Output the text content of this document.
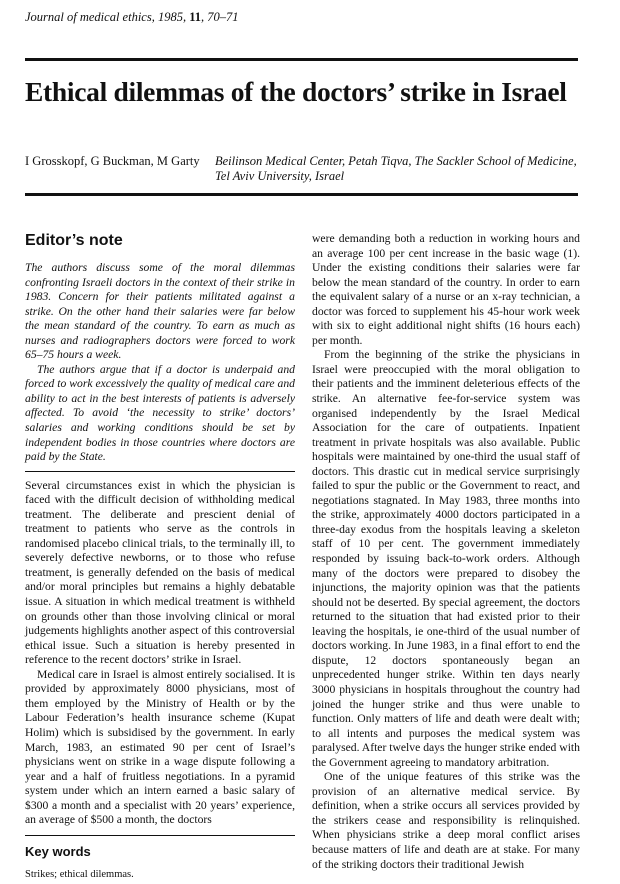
Journal of medical ethics, 1985, 11, 70–71
Ethical dilemmas of the doctors’ strike in Israel
I Grosskopf, G Buckman, M Garty Beilinson Medical Center, Petah Tiqva, The Sackler School of Medicine,
Tel Aviv University, Israel
Editor’s note

The authors discuss some of the moral dilemmas confronting Israeli doctors in the context of their strike in 1983. Concern for their patients militated against a strike. On the other hand their salaries were far below the mean standard of the country. To earn as much as nurses and radiographers doctors were forced to work 65–75 hours a week.

The authors argue that if a doctor is underpaid and forced to work excessively the quality of medical care and ability to act in the best interests of patients is adversely affected. To avoid ‘the necessity to strike’ doctors’ salaries and working conditions should be set by independent bodies in those countries where doctors are paid by the State.

Several circumstances exist in which the physician is faced with the difficult decision of withholding medical treatment. The deliberate and prescient denial of treatment to patients who serve as the controls in randomised placebo clinical trials, to the terminally ill, to severely defective newborns, or to those who refuse treatment, is generally defended on the basis of medical and/or moral principles but remains a highly debatable issue. A situation in which medical treatment is withheld on grounds other than those involving clinical or moral judgements highlights another aspect of this controversial ethical issue. Such a situation is hereby presented in reference to the recent doctors’ strike in Israel.

Medical care in Israel is almost entirely socialised. It is provided by approximately 8000 physicians, most of them employed by the Ministry of Health or by the Labour Federation’s health insurance scheme (Kupat Holim) which is subsidised by the government. In early March, 1983, an estimated 90 per cent of Israel’s physicians went on strike in a wage dispute following a year and a half of fruitless negotiations. In a pyramid system under which an intern earned a basic salary of $300 a month and a specialist with 20 years’ experience, an average of $500 a month, the doctors

Key words
Strikes; ethical dilemmas.

were demanding both a reduction in working hours and an average 100 per cent increase in the basic wage (1). Under the existing conditions their salaries were far below the mean standard of the country. In order to earn the equivalent salary of a nurse or an x-ray technician, a doctor was forced to supplement his 45-hour work week with six to eight additional night shifts (16 hours each) per month.

From the beginning of the strike the physicians in Israel were preoccupied with the moral obligation to their patients and the imminent deleterious effects of the strike. An alternative fee-for-service system was organised independently by the Israel Medical Association for the care of outpatients. Inpatient treatment in private hospitals was also available. Public hospitals were maintained by one-third the usual staff of doctors. This drastic cut in medical service surprisingly failed to spur the public or the Government to react, and negotiations stagnated. In May 1983, three months into the strike, approximately 4000 doctors participated in a three-day exodus from the hospitals leaving a skeleton staff of 10 per cent. The government immediately responded by issuing back-to-work orders. Although many of the doctors were prepared to disobey the injunctions, the majority opinion was that the patients should not be deserted. By special agreement, the doctors returned to the situation that had existed prior to their leaving the hospitals, ie one-third of the usual number of doctors working. In June 1983, in a final effort to end the dispute, 12 doctors spontaneously began an unprecedented hunger strike. Within ten days nearly 3000 physicians in hospitals throughout the country had joined the hunger strike and thus were unable to function. Only matters of life and death were dealt with; to all intents and purposes the medical system was paralysed. After twelve days the hunger strike ended with the Government agreeing to mandatory arbitration.

One of the unique features of this strike was the provision of an alternative medical service. By definition, when a strike occurs all services provided by the strikers cease and responsibility is relinquished. When physicians strike a deep moral conflict arises because matters of life and death are at stake. For many of the striking doctors their traditional Jewish
